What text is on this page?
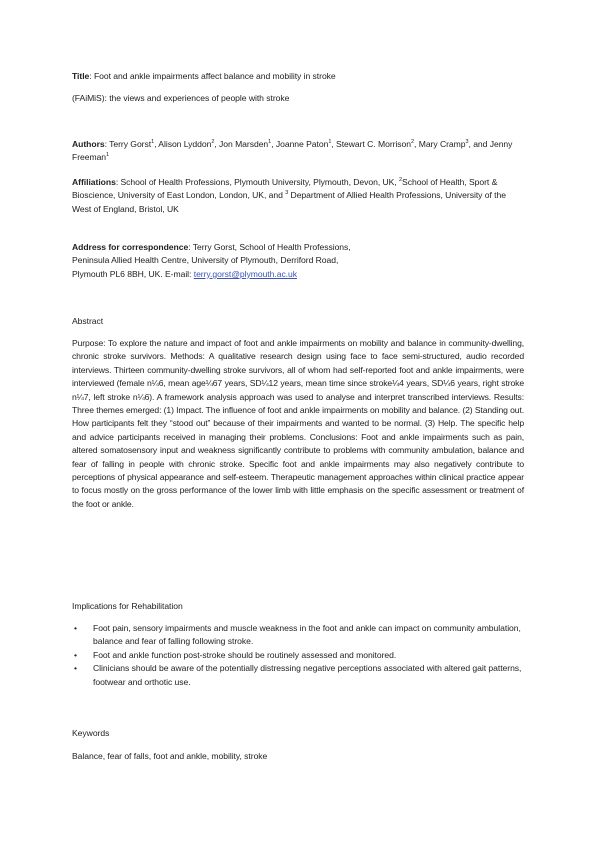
Title: Foot and ankle impairments affect balance and mobility in stroke
(FAiMiS): the views and experiences of people with stroke
Authors: Terry Gorst$^1$, Alison Lyddon$^2$, Jon Marsden$^1$, Joanne Paton$^1$, Stewart C. Morrison$^2$, Mary Cramp$^3$, and Jenny Freeman$^1$
Affiliations: School of Health Professions, Plymouth University, Plymouth, Devon, UK, $^2$School of Health, Sport & Bioscience, University of East London, London, UK, and $^3$ Department of Allied Health Professions, University of the West of England, Bristol, UK
Address for correspondence: Terry Gorst, School of Health Professions,
Peninsula Allied Health Centre, University of Plymouth, Derriford Road,
Plymouth PL6 8BH, UK. E-mail: terry.gorst@plymouth.ac.uk
Abstract
Purpose: To explore the nature and impact of foot and ankle impairments on mobility and balance in community-dwelling, chronic stroke survivors. Methods: A qualitative research design using face to face semi-structured, audio recorded interviews. Thirteen community-dwelling stroke survivors, all of whom had self-reported foot and ankle impairments, were interviewed (female n¼6, mean age¼67 years, SD¼12 years, mean time since stroke¼4 years, SD¼6 years, right stroke n¼7, left stroke n¼6). A framework analysis approach was used to analyse and interpret transcribed interviews. Results: Three themes emerged: (1) Impact. The influence of foot and ankle impairments on mobility and balance. (2) Standing out. How participants felt they “stood out” because of their impairments and wanted to be normal. (3) Help. The specific help and advice participants received in managing their problems. Conclusions: Foot and ankle impairments such as pain, altered somatosensory input and weakness significantly contribute to problems with community ambulation, balance and fear of falling in people with chronic stroke. Specific foot and ankle impairments may also negatively contribute to perceptions of physical appearance and self-esteem. Therapeutic management approaches within clinical practice appear to focus mostly on the gross performance of the lower limb with little emphasis on the specific assessment or treatment of the foot or ankle.
Implications for Rehabilitation
• Foot pain, sensory impairments and muscle weakness in the foot and ankle can impact on community ambulation, balance and fear of falling following stroke.
• Foot and ankle function post-stroke should be routinely assessed and monitored.
• Clinicians should be aware of the potentially distressing negative perceptions associated with altered gait patterns, footwear and orthotic use.
Keywords
Balance, fear of falls, foot and ankle, mobility, stroke
